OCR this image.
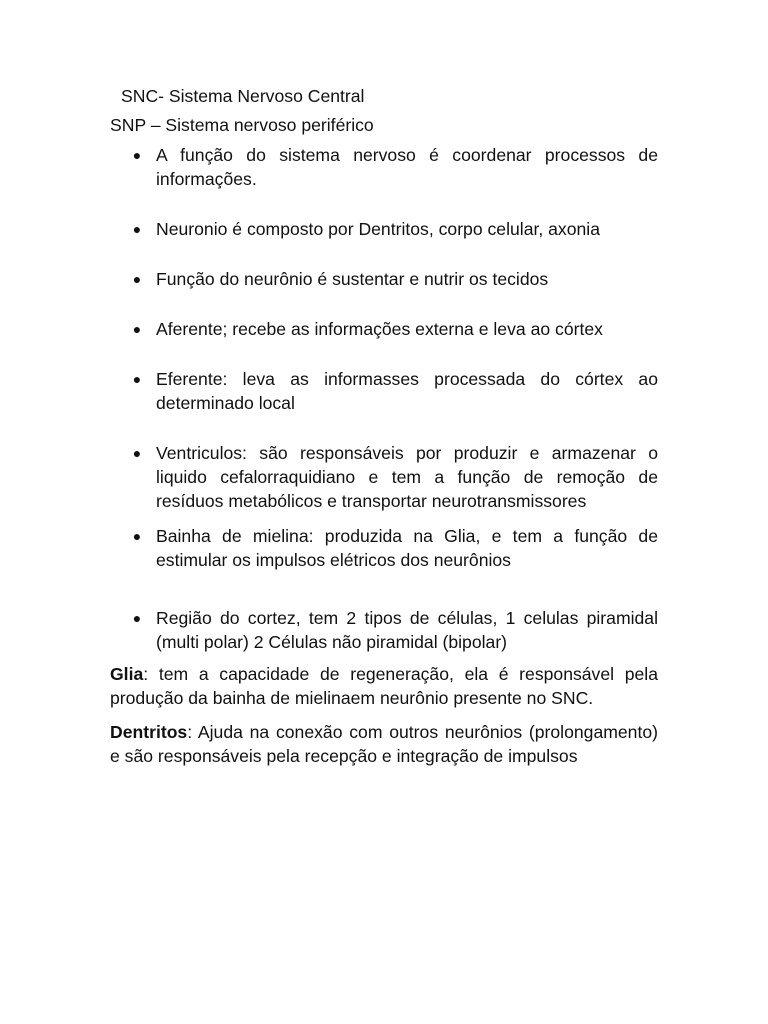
SNC- Sistema Nervoso Central

SNP – Sistema nervoso periférico

● A função do sistema nervoso é coordenar processos de informações.
● Neuronio é composto por Dentritos, corpo celular, axonia
● Função do neurônio é sustentar e nutrir os tecidos
● Aferente; recebe as informações externa e leva ao córtex
● Eferente: leva as informasses processada do córtex ao determinado local
● Ventriculos: são responsáveis por produzir e armazenar o liquido cefalorraquidiano e tem a função de remoção de resíduos metabólicos e transportar neurotransmissores
● Bainha de mielina: produzida na Glia, e tem a função de estimular os impulsos elétricos dos neurônios
● Região do cortez, tem 2 tipos de células, 1 celulas piramidal (multi polar) 2 Células não piramidal (bipolar)

Glia: tem a capacidade de regeneração, ela é responsável pela produção da bainha de mielinaem neurônio presente no SNC.

Dentritos: Ajuda na conexão com outros neurônios (prolongamento) e são responsáveis pela recepção e integração de impulsos
